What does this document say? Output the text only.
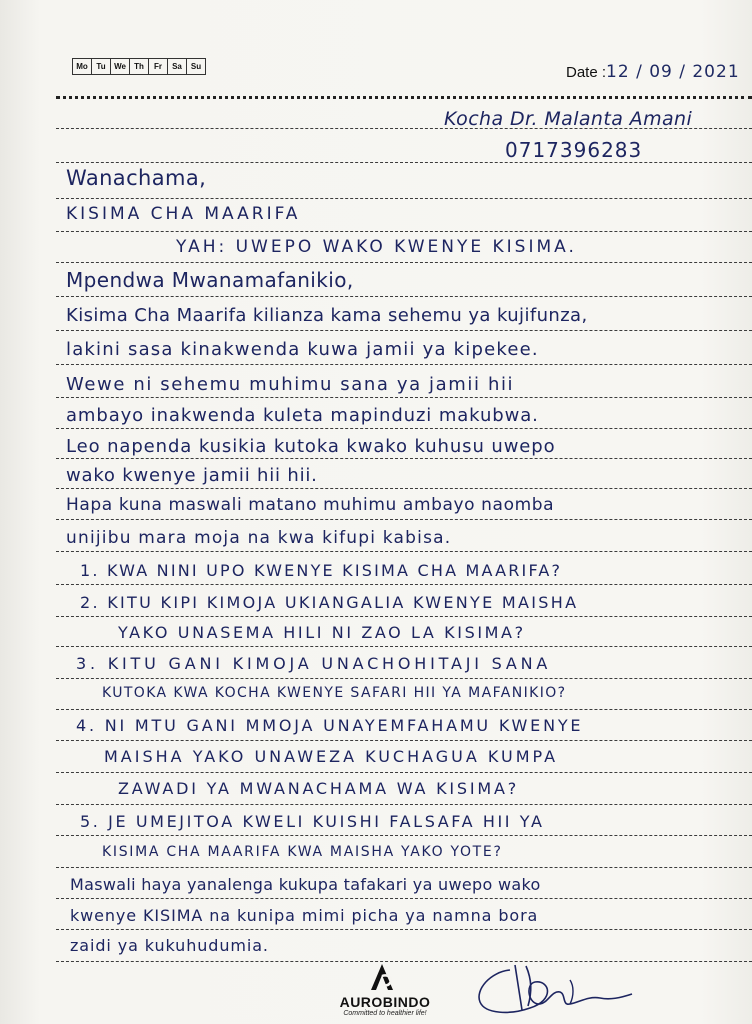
Mo	Tu	We	Th	Fr	Sa	Su	Date :12 / 09 / 2021
Kocha Dr. Malanta Amani
0717396283
Wanachama,
KISIMA CHA MAARIFA
YAH: UWEPO WAKO KWENYE KISIMA.
Mpendwa Mwanamafanikio,
Kisima Cha Maarifa kilianza kama sehemu ya kujifunza,
lakini sasa kinakwenda kuwa jamii ya kipekee.
Wewe ni sehemu muhimu sana ya jamii hii
ambayo inakwenda kuleta mapinduzi makubwa.
Leo napenda kusikia kutoka kwako kuhusu uwepo
wako kwenye jamii hii hii.
Hapa kuna maswali matano muhimu ambayo naomba
unijibu mara moja na kwa kifupi kabisa.
1. KWA NINI UPO KWENYE KISIMA CHA MAARIFA?
2. KITU KIPI KIMOJA UKIANGALIA KWENYE MAISHA
YAKO UNASEMA HILI NI ZAO LA KISIMA?
3. KITU GANI KIMOJA UNACHOHITAJI SANA
KUTOKA KWA KOCHA KWENYE SAFARI HII YA MAFANIKIO?
4. NI MTU GANI MMOJA UNAYEMFAHAMU KWENYE
MAISHA YAKO UNAWEZA KUCHAGUA KUMPA
ZAWADI YA MWANACHAMA WA KISIMA?
5. JE UMEJITOA KWELI KUISHI FALSAFA HII YA
KISIMA CHA MAARIFA KWA MAISHA YAKO YOTE?
Maswali haya yanalenga kukupa tafakari ya uwepo wako
kwenye KISIMA na kunipa mimi picha ya namna bora
zaidi ya kukuhudumia.
AUROBINDO
Committed to healthier life!
